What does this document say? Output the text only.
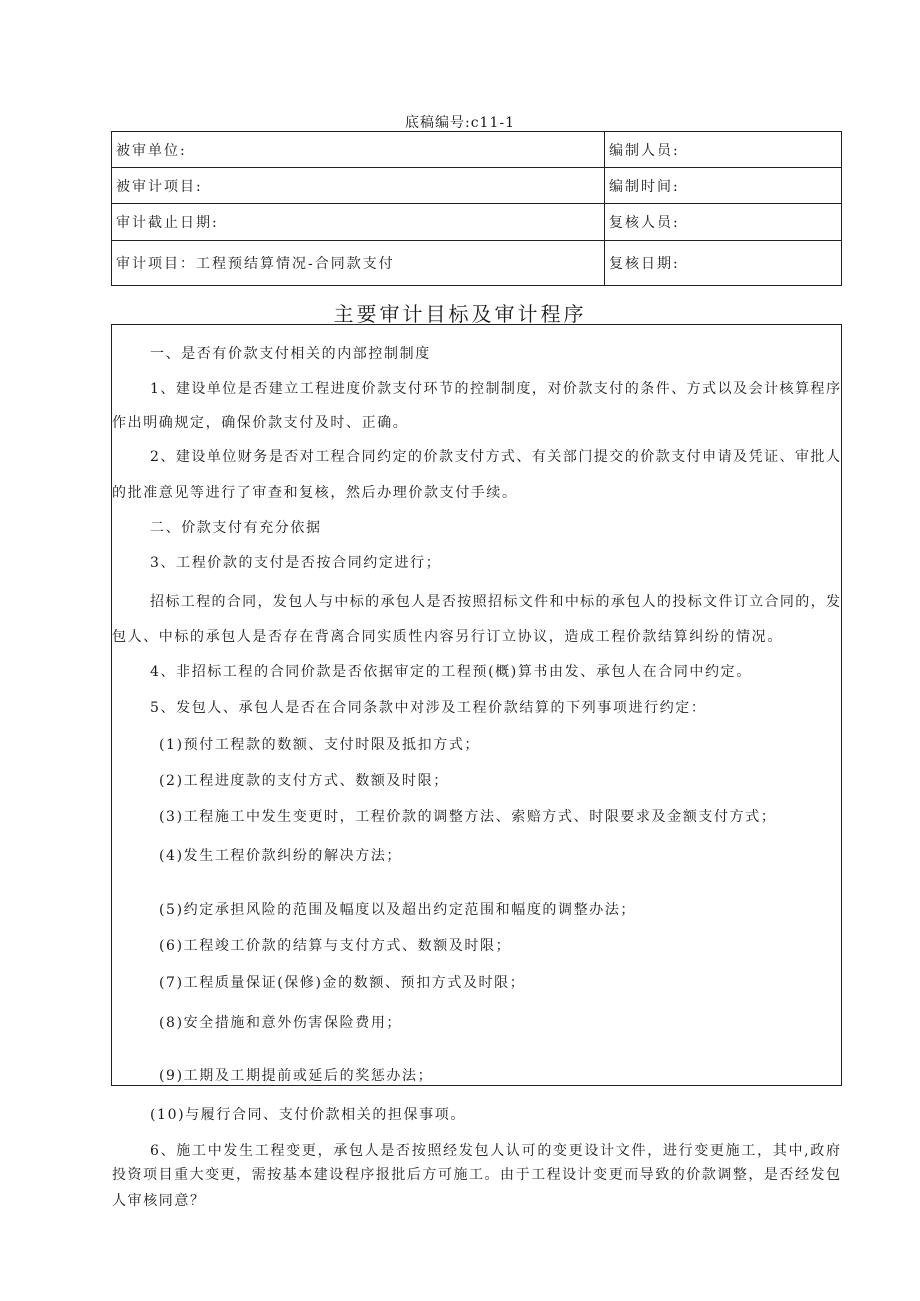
底稿编号:c11-1
被审单位:	编制人员:
被审计项目:	编制时间:
审计截止日期:	复核人员:
审计项目：工程预结算情况-合同款支付	复核日期:
主要审计目标及审计程序
一、是否有价款支付相关的内部控制制度
1、建设单位是否建立工程进度价款支付环节的控制制度，对价款支付的条件、方式以及会计核算程序
作出明确规定，确保价款支付及时、正确。
2、建设单位财务是否对工程合同约定的价款支付方式、有关部门提交的价款支付申请及凭证、审批人
的批准意见等进行了审查和复核，然后办理价款支付手续。
二、价款支付有充分依据
3、工程价款的支付是否按合同约定进行；
招标工程的合同，发包人与中标的承包人是否按照招标文件和中标的承包人的投标文件订立合同的，发
包人、中标的承包人是否存在背离合同实质性内容另行订立协议，造成工程价款结算纠纷的情况。
4、非招标工程的合同价款是否依据审定的工程预(概)算书由发、承包人在合同中约定。
5、发包人、承包人是否在合同条款中对涉及工程价款结算的下列事项进行约定：
(1)预付工程款的数额、支付时限及抵扣方式；
(2)工程进度款的支付方式、数额及时限；
(3)工程施工中发生变更时，工程价款的调整方法、索赔方式、时限要求及金额支付方式；
(4)发生工程价款纠纷的解决方法；
(5)约定承担风险的范围及幅度以及超出约定范围和幅度的调整办法；
(6)工程竣工价款的结算与支付方式、数额及时限；
(7)工程质量保证(保修)金的数额、预扣方式及时限；
(8)安全措施和意外伤害保险费用；
(9)工期及工期提前或延后的奖惩办法；
(10)与履行合同、支付价款相关的担保事项。
6、施工中发生工程变更，承包人是否按照经发包人认可的变更设计文件，进行变更施工，其中,政府
投资项目重大变更，需按基本建设程序报批后方可施工。由于工程设计变更而导致的价款调整，是否经发包
人审核同意？
